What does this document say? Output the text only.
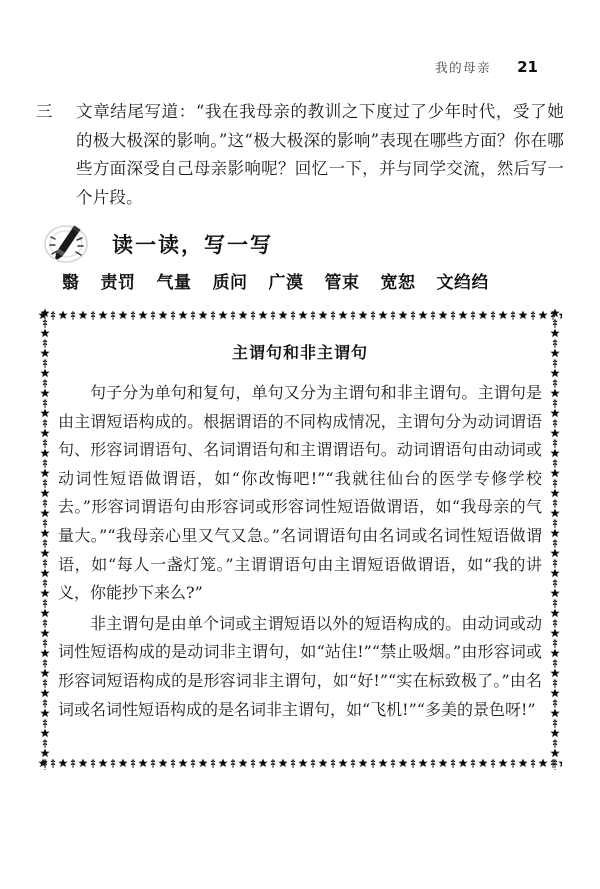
我的母亲 21
三	文章结尾写道：“我在我母亲的教训之下度过了少年时代，受了她的极大极深的影响。”这“极大极深的影响”表现在哪些方面？你在哪些方面深受自己母亲影响呢？回忆一下，并与同学交流，然后写一个片段。
读一读，写一写
翳 责罚 气量 质问 广漠 管束 宽恕 文绉绉
主谓句和非主谓句

句子分为单句和复句，单句又分为主谓句和非主谓句。主谓句是由主谓短语构成的。根据谓语的不同构成情况，主谓句分为动词谓语句、形容词谓语句、名词谓语句和主谓谓语句。动词谓语句由动词或动词性短语做谓语，如“你改悔吧!”“我就往仙台的医学专修学校去。”形容词谓语句由形容词或形容词性短语做谓语，如“我母亲的气量大。”“我母亲心里又气又急。”名词谓语句由名词或名词性短语做谓语，如“每人一盏灯笼。”主谓谓语句由主谓短语做谓语，如“我的讲义，你能抄下来么?”

非主谓句是由单个词或主谓短语以外的短语构成的。由动词或动词性短语构成的是动词非主谓句，如“站住!”“禁止吸烟。”由形容词或形容词短语构成的是形容词非主谓句，如“好!”“实在标致极了。”由名词或名词性短语构成的是名词非主谓句，如“飞机!”“多美的景色呀!”
